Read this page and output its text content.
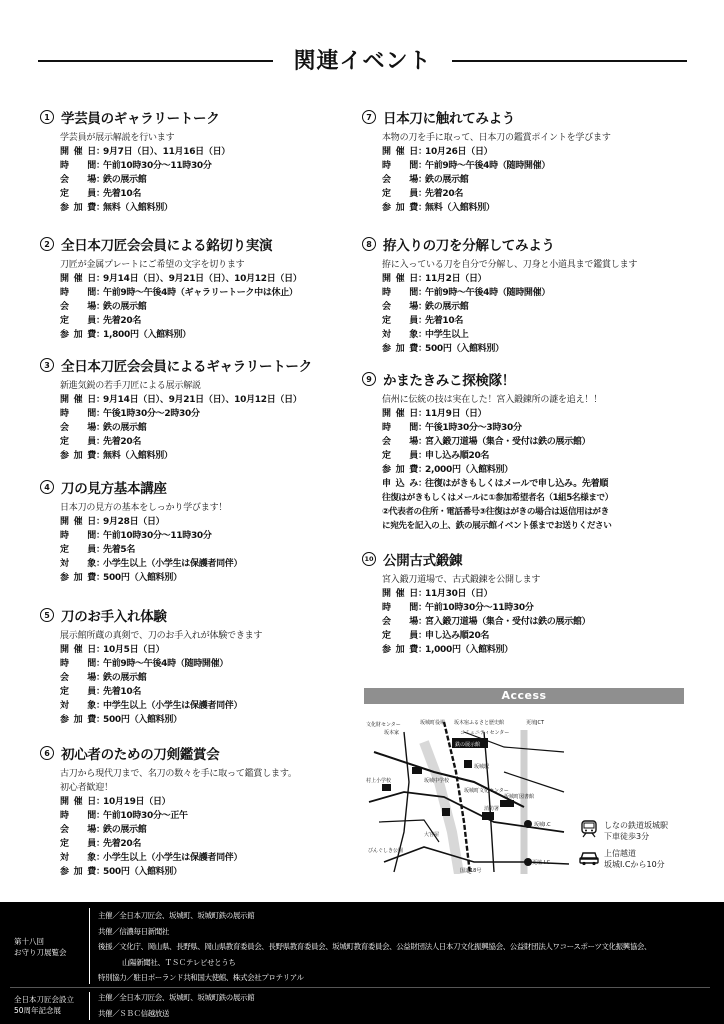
関連イベント
1 学芸員のギャラリートーク
学芸員が展示解説を行います
開催日 ：
9月7日（日）、11月16日（日）
時　間 ：
午前10時30分～11時30分
会　場 ：
鉄の展示館
定　員 ：
先着10名
参加費 ：
無料（入館料別）
2 全日本刀匠会会員による銘切り実演
刀匠が金属プレートにご希望の文字を切ります
開催日 ：
9月14日（日）、9月21日（日）、10月12日（日）
時　間 ：
午前9時～午後4時（ギャラリートーク中は休止）
会　場 ：
鉄の展示館
定　員 ：
先着20名
参加費 ：
1,800円（入館料別）
3 全日本刀匠会会員によるギャラリートーク
新進気鋭の若手刀匠による展示解説
開催日 ：
9月14日（日）、9月21日（日）、10月12日（日）
時　間 ：
午後1時30分～2時30分
会　場 ：
鉄の展示館
定　員 ：
先着20名
参加費 ：
無料（入館料別）
4 刀の見方基本講座
日本刀の見方の基本をしっかり学びます！
開催日 ：
9月28日（日）
時　間 ：
午前10時30分～11時30分
定　員 ：
先着5名
対　象 ：
小学生以上（小学生は保護者同伴）
参加費 ：
500円（入館料別）
5 刀のお手入れ体験
展示館所蔵の真剣で、刀のお手入れが体験できます
開催日 ：
10月5日（日）
時　間 ：
午前9時～午後4時（随時開催）
会　場 ：
鉄の展示館
定　員 ：
先着10名
対　象 ：
中学生以上（小学生は保護者同伴）
参加費 ：
500円（入館料別）
6 初心者のための刀剣鑑賞会
古刀から現代刀まで、名刀の数々を手に取って鑑賞します。
初心者歓迎！
開催日 ：
10月19日（日）
時　間 ：
午前10時30分～正午
会　場 ：
鉄の展示館
定　員 ：
先着20名
対　象 ：
小学生以上（小学生は保護者同伴）
参加費 ：
500円（入館料別）
7 日本刀に触れてみよう
本物の刀を手に取って、日本刀の鑑賞ポイントを学びます
開催日 ：
10月26日（日）
時　間 ：
午前9時～午後4時（随時開催）
会　場 ：
鉄の展示館
定　員 ：
先着20名
参加費 ：
無料（入館料別）
8 拵入りの刀を分解してみよう
拵に入っている刀を自分で分解し、刀身と小道具まで鑑賞します
開催日 ：
11月2日（日）
時　間 ：
午前9時～午後4時（随時開催）
会　場 ：
鉄の展示館
定　員 ：
先着10名
対　象 ：
中学生以上
参加費 ：
500円（入館料別）
9 かまたきみこ探検隊！
信州に伝統の技は実在した！宮入鍛錬所の謎を追え！！
開催日 ：
11月9日（日）
時　間 ：
午後1時30分～3時30分
会　場 ：
宮入鍛刀道場（集合・受付は鉄の展示館）
定　員 ：
申し込み順20名
参加費 ：
2,000円（入館料別）
申込み ：
往復はがきもしくはメールで申し込み。先着順
往復はがきもしくはメールに①参加希望者名（1組5名様まで）
②代表者の住所・電話番号③往復はがきの場合は返信用はがき
に宛先を記入の上、鉄の展示館イベント係までお送りください
10 公開古式鍛錬
宮入鍛刀道場で、古式鍛錬を公開します
開催日 ：
11月30日（日）
時　間 ：
午前10時30分～11時30分
会　場 ：
宮入鍛刀道場（集合・受付は鉄の展示館）
定　員 ：
申し込み順20名
参加費 ：
1,000円（入館料別）
Access
文化財センター
坂本家
坂城町役場 坂木宿ふるさと歴史館
コミュニティセンター
鉄の展示館
坂城駅
更埴JCT
村上小学校	坂城中学校
坂城町文化センター
坂城町図書館
消防署
坂城I.C
びんぐしき公園
大宮屋
国道18号
更埴 I.C
しなの鉄道坂城駅
下車徒歩3分
上信越道
坂城I.Cから10分
第十八回
お守り刀展覧会
主催／全日本刀匠会、坂城町、坂城町鉄の展示館
共催／信濃毎日新聞社
後援／文化庁、岡山県、長野県、岡山県教育委員会、長野県教育委員会、坂城町教育委員会、公益財団法人日本刀文化振興協会、公益財団法人ワコースポーツ文化振興協会、
山陽新聞社、ＴＳＣテレビせとうち
特別協力／駐日ポーランド共和国大使館、株式会社プロテリアル
全日本刀匠会設立
50周年記念展
主催／全日本刀匠会、坂城町、坂城町鉄の展示館
共催／ＳＢＣ信越放送
